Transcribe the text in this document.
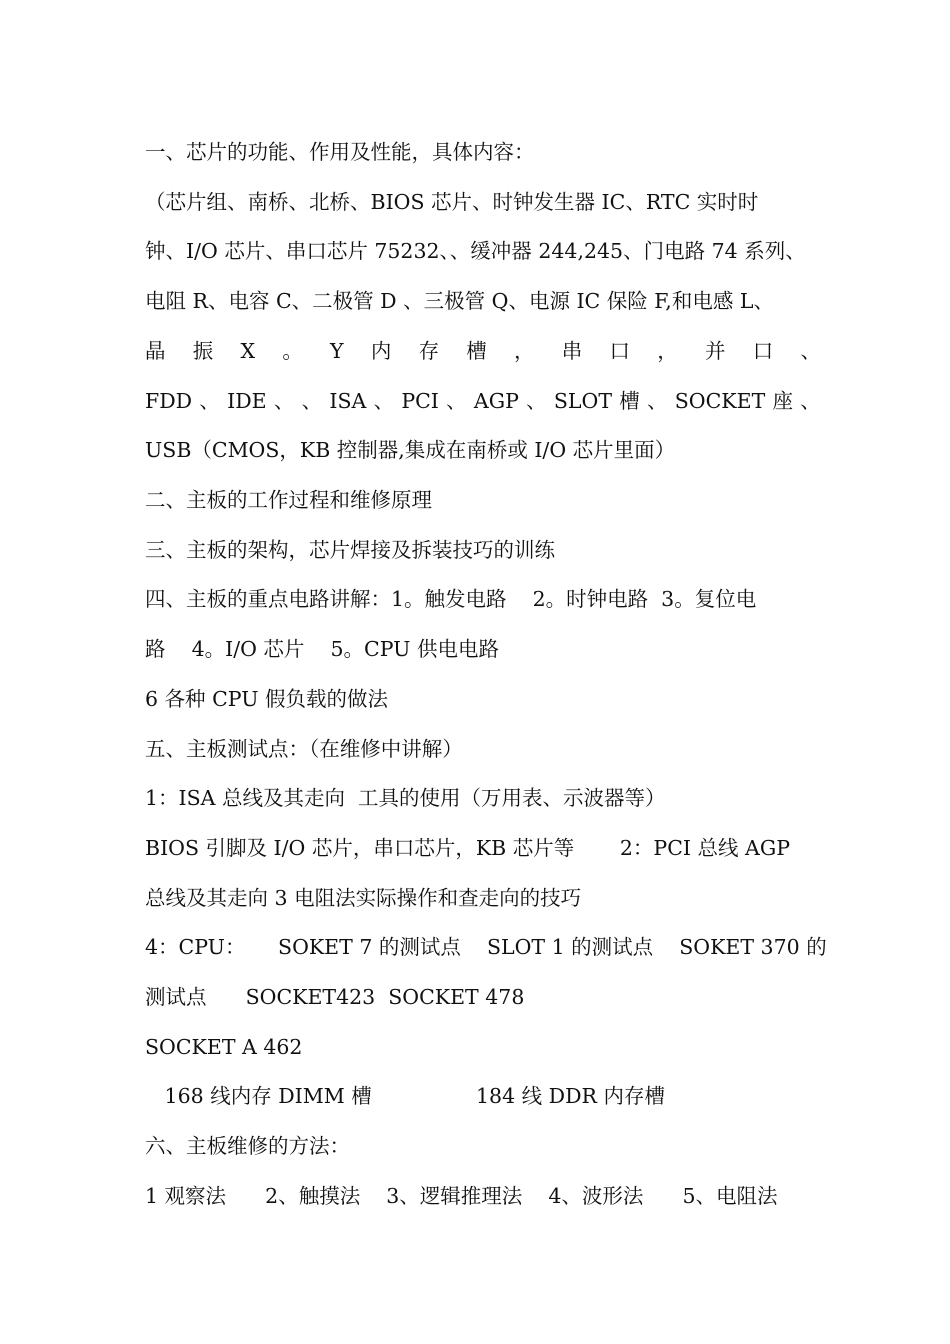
一、芯片的功能、作用及性能，具体内容：
（芯片组、南桥、北桥、BIOS 芯片、时钟发生器 IC、RTC 实时时
钟、I/O 芯片、串口芯片 75232、、缓冲器 244,245、门电路 74 系列、
电阻 R、电容 C、二极管 D 、三极管 Q、电源 IC 保险 F,和电感 L、
晶 振 X 。 Y 内 存 槽 ， 串 口 ， 并 口 、
FDD 、 IDE 、 、 ISA 、 PCI 、 AGP 、 SLOT 槽 、 SOCKET 座 、
USB（CMOS，KB 控制器,集成在南桥或 I/O 芯片里面）
二、主板的工作过程和维修原理
三、主板的架构，芯片焊接及拆装技巧的训练
四、主板的重点电路讲解：1。触发电路    2。时钟电路  3。复位电
路    4。I/O 芯片    5。CPU 供电电路
6 各种 CPU 假负载的做法
五、主板测试点：（在维修中讲解）
1：ISA 总线及其走向  工具的使用（万用表、示波器等）
BIOS 引脚及 I/O 芯片，串口芯片，KB 芯片等       2：PCI 总线 AGP
总线及其走向 3 电阻法实际操作和查走向的技巧
4：CPU：     SOKET 7 的测试点    SLOT 1 的测试点    SOKET 370 的
测试点      SOCKET423  SOCKET 478
SOCKET A 462
168 线内存 DIMM 槽                184 线 DDR 内存槽
六、主板维修的方法：
1 观察法      2、触摸法    3、逻辑推理法    4、波形法      5、电阻法
